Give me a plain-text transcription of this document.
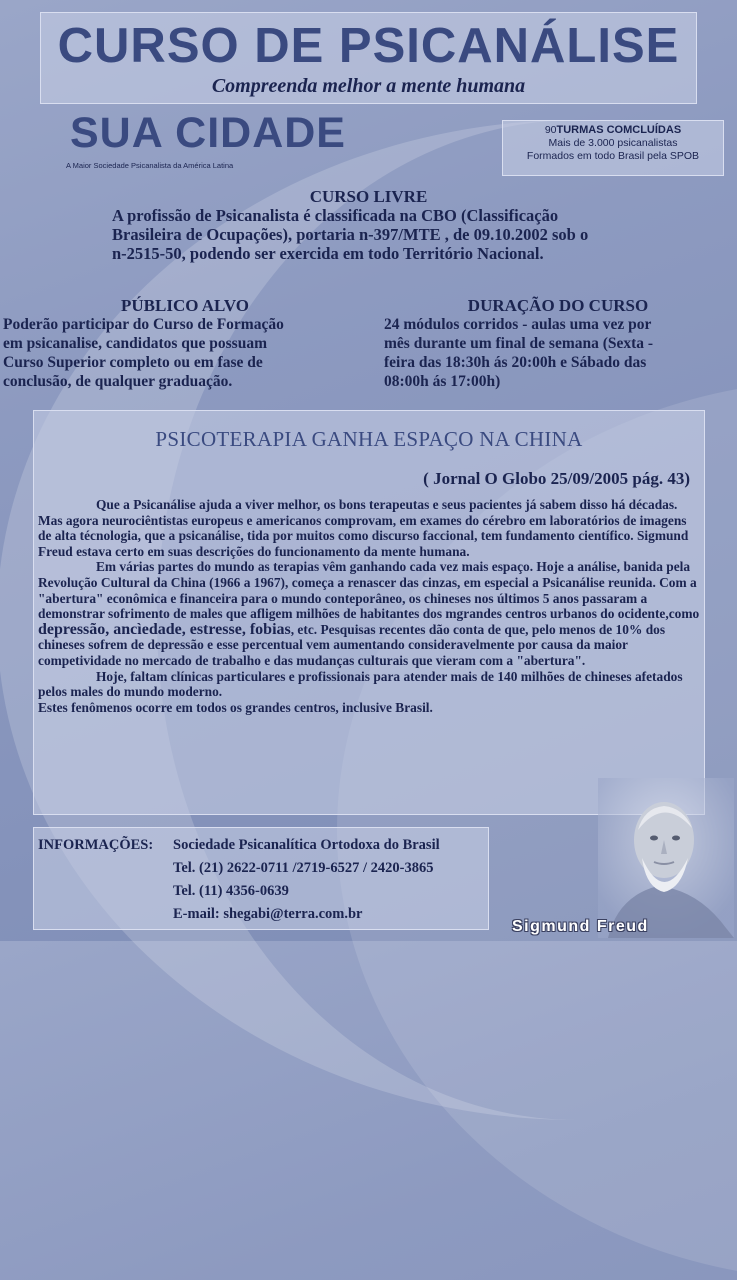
CURSO DE PSICANÁLISE
Compreenda melhor a mente humana
SUA CIDADE
A Maior Sociedade Psicanalista da América Latina
90TURMAS COMCLUÍDAS
Mais de 3.000 psicanalistas
Formados em todo Brasil pela SPOB
CURSO LIVRE
A profissão de Psicanalista é classificada na CBO (Classificação
Brasileira de Ocupações), portaria n-397/MTE , de 09.10.2002 sob o
n-2515-50, podendo ser exercida em todo Território Nacional.
PÚBLICO ALVO

Poderão participar do Curso de Formação

em psicanalise, candidatos que possuam

Curso Superior completo ou em fase de

conclusão, de qualquer graduação.

DURAÇÃO DO CURSO

24 módulos corridos - aulas uma vez por

mês durante um final de semana (Sexta -

feira das 18:30h ás 20:00h e Sábado das

08:00h ás 17:00h)

PSICOTERAPIA GANHA ESPAÇO NA CHINA
( Jornal O Globo 25/09/2005 pág. 43)

Que a Psicanálise ajuda a viver melhor, os bons terapeutas e seus pacientes já sabem disso há décadas. Mas agora neurociêntistas europeus e americanos comprovam, em exames do cérebro em laboratórios de imagens de alta técnologia, que a psicanálise, tida por muitos como discurso faccional, tem fundamento científico. Sigmund Freud estava certo em suas descrições do funcionamento da mente humana.

Em várias partes do mundo as terapias vêm ganhando cada vez mais espaço. Hoje a análise, banida pela Revolução Cultural da China (1966 a 1967), começa a renascer das cinzas, em especial a Psicanálise reunida. Com a "abertura" econômica e financeira para o mundo conteporâneo, os chineses nos últimos 5 anos passaram a demonstrar sofrimento de males que afligem milhões de habitantes dos mgrandes centros urbanos do ocidente,como depressão, ancìedade, estresse, fobias, etc. Pesquisas recentes dão conta de que, pelo menos de 10% dos chineses sofrem de depressão e esse percentual vem aumentando consideravelmente por causa da maior competividade no mercado de trabalho e das mudanças culturais que vieram com a "abertura".

Hoje, faltam clínicas particulares e profissionais para atender mais de 140 milhões de chineses afetados pelos males do mundo moderno.

Estes fenômenos ocorre em todos os grandes centros, inclusive Brasil.

INFORMAÇÕES: Sociedade Psicanalítica Ortodoxa do Brasil
Tel. (21) 2622-0711 /2719-6527 / 2420-3865
Tel. (11) 4356-0639
E-mail: shegabi@terra.com.br
Sigmund Freud
